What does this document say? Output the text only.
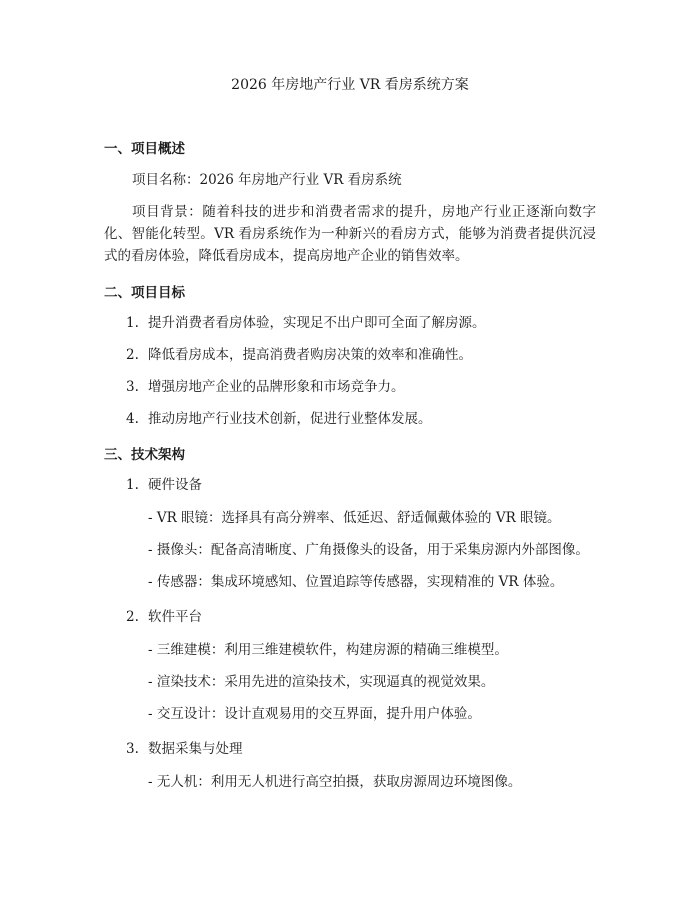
2026 年房地产行业 VR 看房系统方案
一、项目概述

项目名称：2026 年房地产行业 VR 看房系统

项目背景：随着科技的进步和消费者需求的提升，房地产行业正逐渐向数字化、智能化转型。VR 看房系统作为一种新兴的看房方式，能够为消费者提供沉浸式的看房体验，降低看房成本，提高房地产企业的销售效率。

二、项目目标
1. 提升消费者看房体验，实现足不出户即可全面了解房源。
2. 降低看房成本，提高消费者购房决策的效率和准确性。
3. 增强房地产企业的品牌形象和市场竞争力。
4. 推动房地产行业技术创新，促进行业整体发展。
三、技术架构
1. 硬件设备

- VR 眼镜：选择具有高分辨率、低延迟、舒适佩戴体验的 VR 眼镜。

- 摄像头：配备高清晰度、广角摄像头的设备，用于采集房源内外部图像。

- 传感器：集成环境感知、位置追踪等传感器，实现精准的 VR 体验。

2. 软件平台

- 三维建模：利用三维建模软件，构建房源的精确三维模型。

- 渲染技术：采用先进的渲染技术，实现逼真的视觉效果。

- 交互设计：设计直观易用的交互界面，提升用户体验。

3. 数据采集与处理

- 无人机：利用无人机进行高空拍摄，获取房源周边环境图像。
